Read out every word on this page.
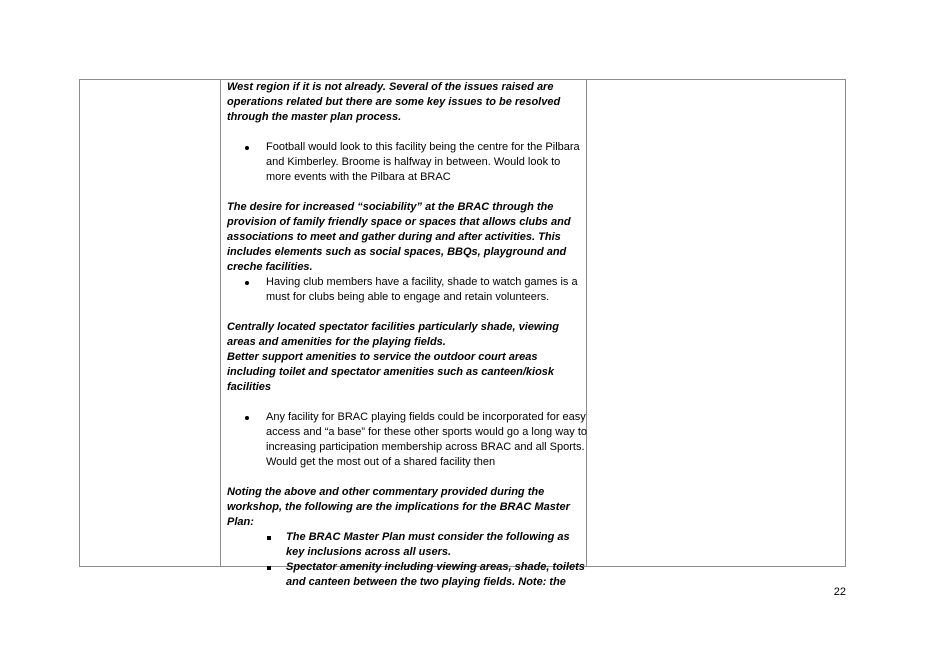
West region if it is not already. Several of the issues raised are operations related but there are some key issues to be resolved through the master plan process.

Football would look to this facility being the centre for the Pilbara and Kimberley. Broome is halfway in between. Would look to more events with the Pilbara at BRAC

The desire for increased “sociability” at the BRAC through the provision of family friendly space or spaces that allows clubs and associations to meet and gather during and after activities. This includes elements such as social spaces, BBQs, playground and creche facilities.

Having club members have a facility, shade to watch games is a must for clubs being able to engage and retain volunteers.

Centrally located spectator facilities particularly shade, viewing areas and amenities for the playing fields.

Better support amenities to service the outdoor court areas including toilet and spectator amenities such as canteen/kiosk facilities

Any facility for BRAC playing fields could be incorporated for easy access and “a base” for these other sports would go a long way to increasing participation membership across BRAC and all Sports. Would get the most out of a shared facility then

Noting the above and other commentary provided during the workshop, the following are the implications for the BRAC Master Plan:

The BRAC Master Plan must consider the following as key inclusions across all users.
Spectator amenity including viewing areas, shade, toilets and canteen between the two playing fields. Note: the
22
